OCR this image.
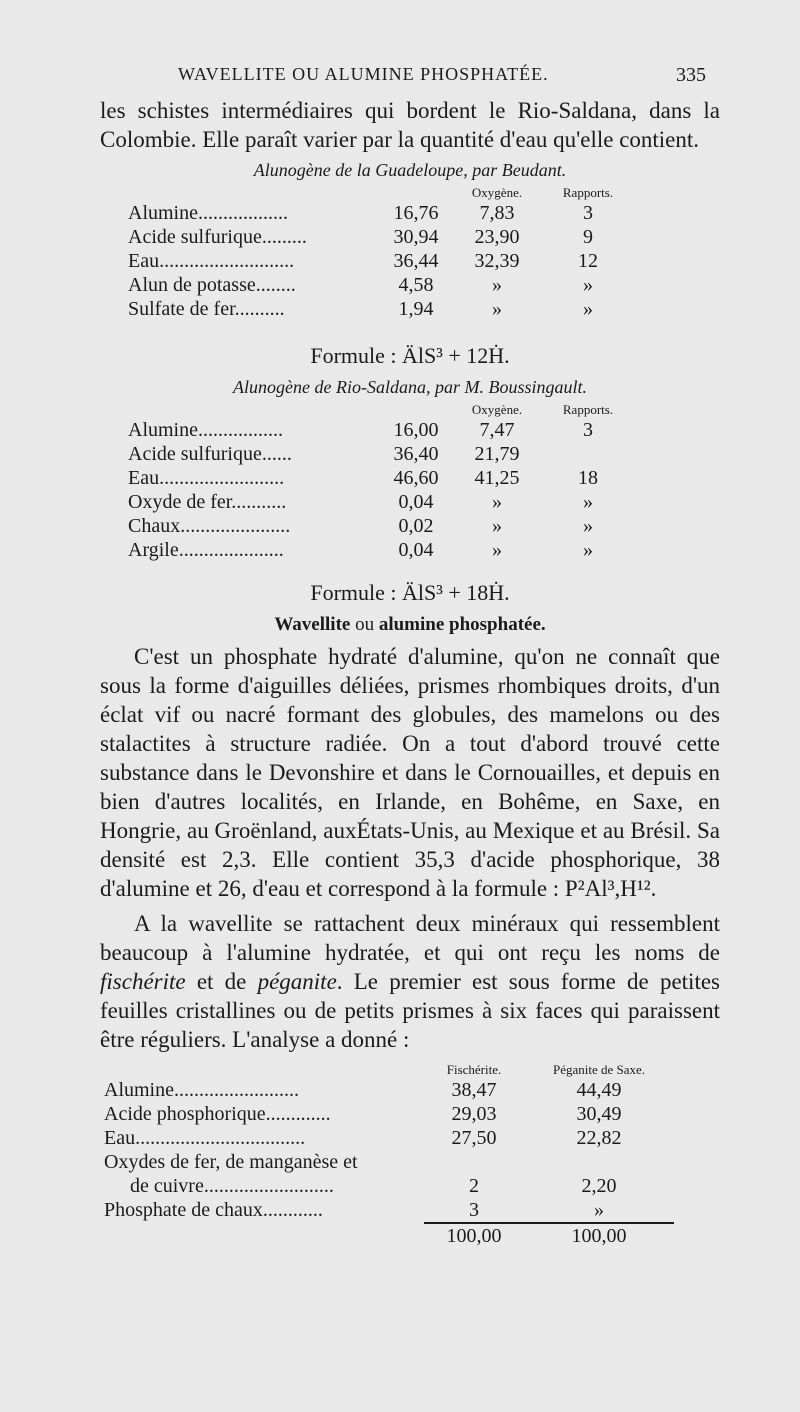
WAVELLITE OU ALUMINE PHOSPHATÉE.	335

les schistes intermédiaires qui bordent le Rio-Saldana, dans la Colombie. Elle paraît varier par la quantité d'eau qu'elle contient.

Alunogène de la Guadeloupe, par Beudant.
		Oxygène.	Rapports.
Alumine..................	16,76	7,83	3
Acide sulfurique.........	30,94	23,90	9
Eau...........................	36,44	32,39	12
Alun de potasse........	4,58	»	»
Sulfate de fer..........	1,94	»	»
Formule : ÄlS³ + 12Ḣ.
Alunogène de Rio-Saldana, par M. Boussingault.
		Oxygène.	Rapports.
Alumine.................	16,00	7,47	3
Acide sulfurique......	36,40	21,79	
Eau.........................	46,60	41,25	18
Oxyde de fer...........	0,04	»	»
Chaux......................	0,02	»	»
Argile.....................	0,04	»	»
Formule : ÄlS³ + 18Ḣ.
Wavellite ou alumine phosphatée.

C'est un phosphate hydraté d'alumine, qu'on ne connaît que sous la forme d'aiguilles déliées, prismes rhombiques droits, d'un éclat vif ou nacré formant des globules, des mamelons ou des stalactites à structure radiée. On a tout d'abord trouvé cette substance dans le Devonshire et dans le Cornouailles, et depuis en bien d'autres localités, en Irlande, en Bohême, en Saxe, en Hongrie, au Groënland, auxÉtats-Unis, au Mexique et au Brésil. Sa densité est 2,3. Elle contient 35,3 d'acide phosphorique, 38 d'alumine et 26, d'eau et correspond à la formule : P²Al³,H¹².

A la wavellite se rattachent deux minéraux qui ressemblent beaucoup à l'alumine hydratée, et qui ont reçu les noms de fischérite et de péganite. Le premier est sous forme de petites feuilles cristallines ou de petits prismes à six faces qui paraissent être réguliers. L'analyse a donné :

	Fischérite.	Péganite de Saxe.
Alumine.........................	38,47	44,49
Acide phosphorique.............	29,03	30,49
Eau..................................	27,50	22,82
Oxydes de fer, de manganèse et		
de cuivre..........................	2	2,20
Phosphate de chaux............	3	»
	100,00	100,00
